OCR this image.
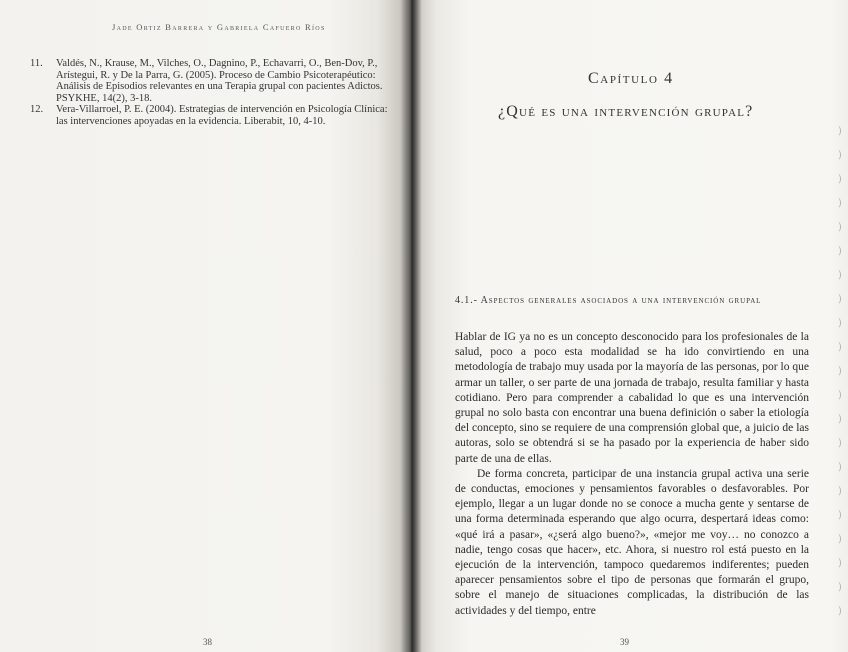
Jade Ortiz Barrera y Gabriela Cafuero Ríos
11. Valdés, N., Krause, M., Vilches, O., Dagnino, P., Echavarri, O., Ben-Dov, P., Arístegui, R. y De la Parra, G. (2005). Proceso de Cambio Psicoterapéutico: Análisis de Episodios relevantes en una Terapia grupal con pacientes Adictos. PSYKHE, 14(2), 3-18.
12. Vera-Villarroel, P. E. (2004). Estrategias de intervención en Psicología Clínica: las intervenciones apoyadas en la evidencia. Liberabit, 10, 4-10.
38
Capítulo 4
¿Qué es una intervención grupal?
4.1.- Aspectos generales asociados a una intervención grupal

Hablar de IG ya no es un concepto desconocido para los profesionales de la salud, poco a poco esta modalidad se ha ido convirtiendo en una metodología de trabajo muy usada por la mayoría de las personas, por lo que armar un taller, o ser parte de una jornada de trabajo, resulta familiar y hasta cotidiano. Pero para comprender a cabalidad lo que es una intervención grupal no solo basta con encontrar una buena definición o saber la etiología del concepto, sino se requiere de una comprensión global que, a juicio de las autoras, solo se obtendrá si se ha pasado por la experiencia de haber sido parte de una de ellas.

De forma concreta, participar de una instancia grupal activa una serie de conductas, emociones y pensamientos favorables o desfavorables. Por ejemplo, llegar a un lugar donde no se conoce a mucha gente y sentarse de una forma determinada esperando que algo ocurra, despertará ideas como: «qué irá a pasar», «¿será algo bueno?», «mejor me voy… no conozco a nadie, tengo cosas que hacer», etc. Ahora, si nuestro rol está puesto en la ejecución de la intervención, tampoco quedaremos indiferentes; pueden aparecer pensamientos sobre el tipo de personas que formarán el grupo, sobre el manejo de situaciones complicadas, la distribución de las actividades y del tiempo, entre

) ) ) ) ) ) ) ) ) ) ) ) ) ) ) ) ) ) ) ) )
39
